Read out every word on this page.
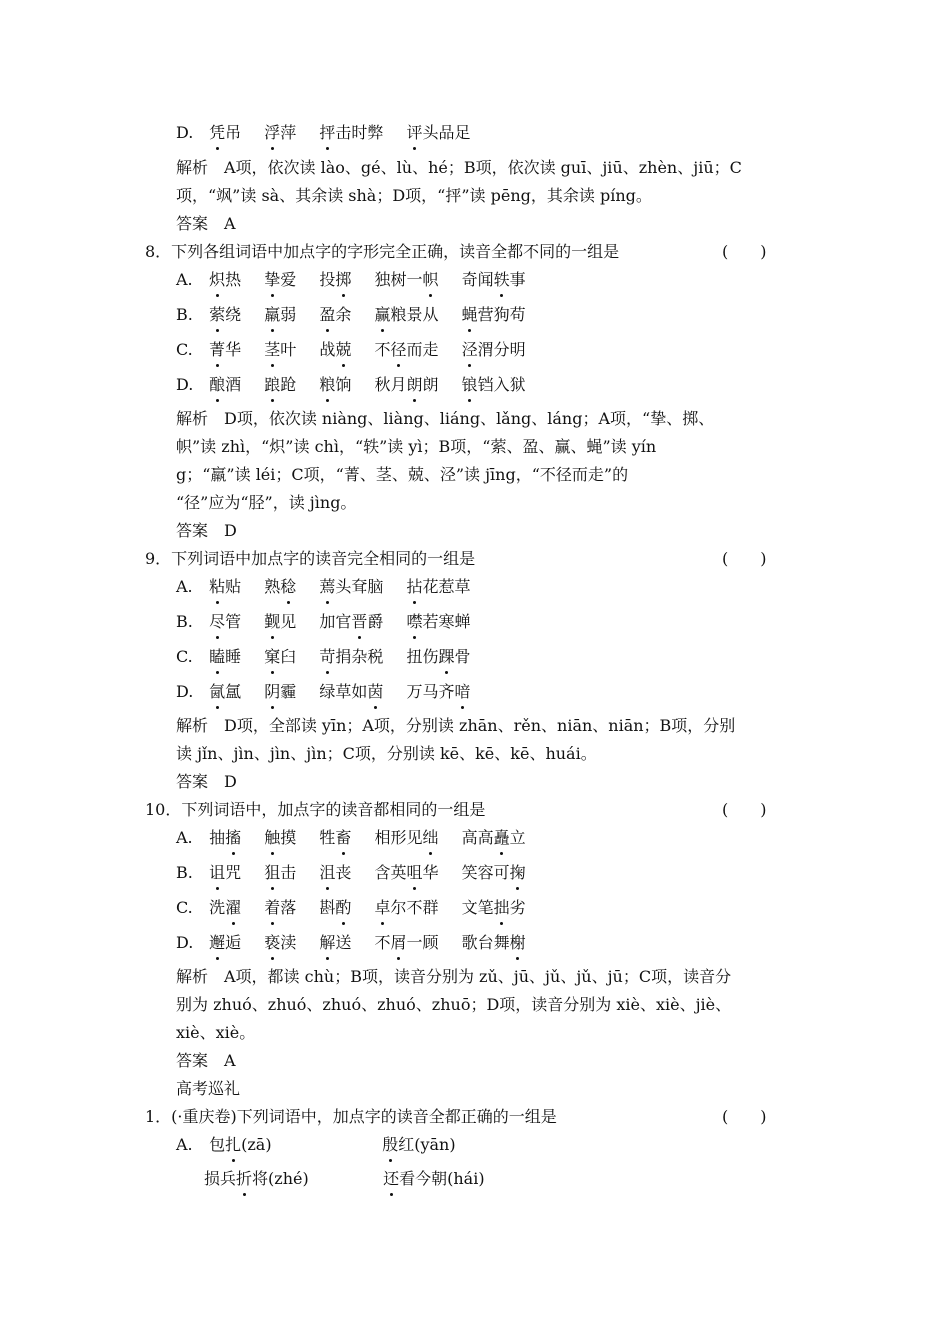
D. 凭吊 浮萍 抨击时弊 评头品足
解析　A项，依次读 lào、gé、lù、hé；B项，依次读 guī、jiū、zhèn、jiū；C
项，“飒”读 sà、其余读 shà；D项，“抨”读 pēng，其余读 píng。
答案　A
8．下列各组词语中加点字的字形完全正确，读音全都不同的一组是	(　　)
A. 炽热 挚爱 投掷 独树一帜 奇闻轶事
B. 萦绕 羸弱 盈余 赢粮景从 蝇营狗苟
C. 菁华 茎叶 战兢 不径而走 泾渭分明
D. 酿酒 踉跄 粮饷 秋月朗朗 锒铛入狱
解析　D项，依次读 niàng、liàng、liáng、lǎng、láng；A项，“挚、掷、
帜”读 zhì，“炽”读 chì，“轶”读 yì；B项，“萦、盈、赢、蝇”读 yín
g；“羸”读 léi；C项，“菁、茎、兢、泾”读 jīng，“不径而走”的
“径”应为“胫”，读 jìng。
答案　D
9．下列词语中加点字的读音完全相同的一组是	(　　)
A. 粘贴 熟稔 蔫头耷脑 拈花惹草
B. 尽管 觐见 加官晋爵 噤若寒蝉
C. 瞌睡 窠臼 苛捐杂税 扭伤踝骨
D. 氤氲 阴霾 绿草如茵 万马齐喑
解析　D项，全部读 yīn；A项，分别读 zhān、rěn、niān、niān；B项，分别
读 jǐn、jìn、jìn、jìn；C项，分别读 kē、kē、kē、huái。
答案　D
10．下列词语中，加点字的读音都相同的一组是	(　　)
A. 抽搐 触摸 牲畜 相形见绌 高高矗立
B. 诅咒 狙击 沮丧 含英咀华 笑容可掬
C. 洗濯 着落 斟酌 卓尔不群 文笔拙劣
D. 邂逅 亵渎 解送 不屑一顾 歌台舞榭
解析　A项，都读 chù；B项，读音分别为 zǔ、jū、jǔ、jǔ、jū；C项，读音分
别为 zhuó、zhuó、zhuó、zhuó、zhuō；D项，读音分别为 xiè、xiè、jiè、
xiè、xiè。
答案　A
高考巡礼
1．(·重庆卷)下列词语中，加点字的读音全都正确的一组是	(　　)
A. 包扎(zā)	殷红(yān)
损兵折将(zhé)	还看今朝(hái)
